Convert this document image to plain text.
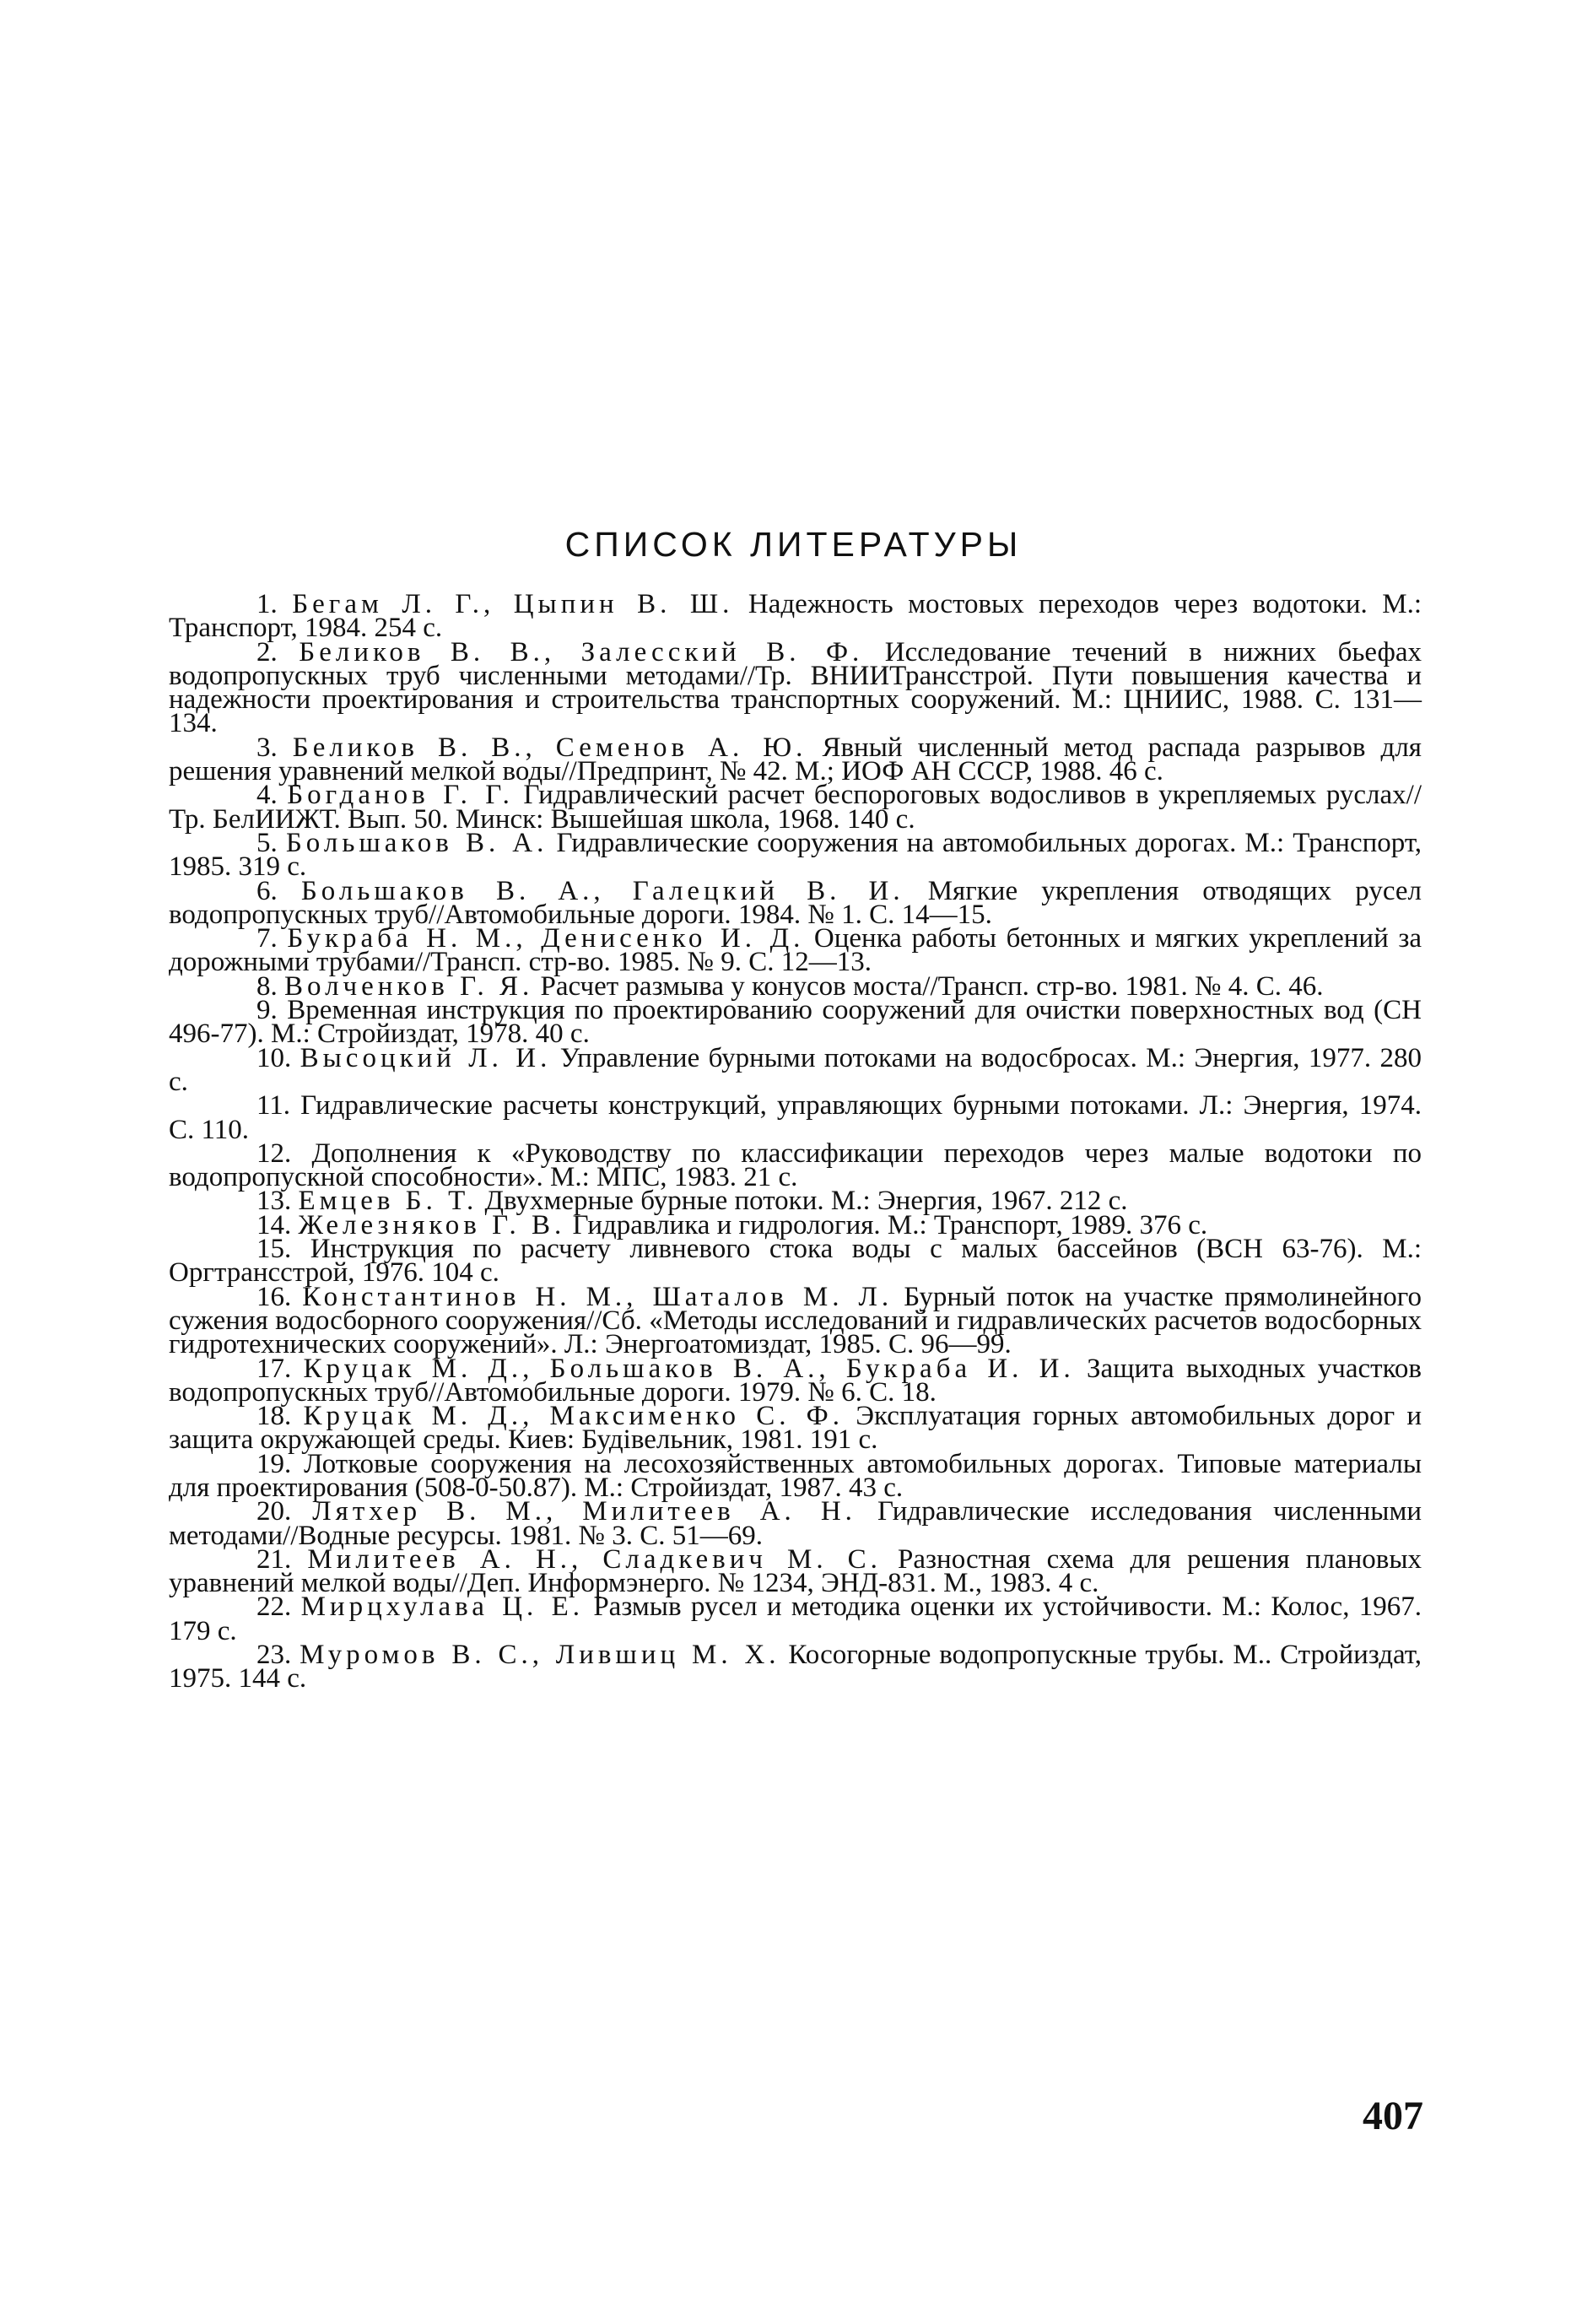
СПИСОК ЛИТЕРАТУРЫ

1. Бегам Л. Г., Цыпин В. Ш. Надежность мостовых переходов через водотоки. М.: Транспорт, 1984. 254 с.

2. Беликов В. В., Залесский В. Ф. Исследование течений в нижних бьефах водопропускных труб численными методами//Тр. ВНИИТрансстрой. Пути повышения качества и надежности проектирования и строительства транспортных сооружений. М.: ЦНИИС, 1988. С. 131—134.

3. Беликов В. В., Семенов А. Ю. Явный численный метод распада разрывов для решения уравнений мелкой воды//Предпринт, № 42. М.; ИОФ АН СССР, 1988. 46 с.

4. Богданов Г. Г. Гидравлический расчет беспороговых водосливов в укрепляемых руслах//Тр. БелИИЖТ. Вып. 50. Минск: Вышейшая школа, 1968. 140 с.

5. Большаков В. А. Гидравлические сооружения на автомобильных дорогах. М.: Транспорт, 1985. 319 с.

6. Большаков В. А., Галецкий В. И. Мягкие укрепления отводящих русел водопропускных труб//Автомобильные дороги. 1984. № 1. С. 14—15.

7. Букраба Н. М., Денисенко И. Д. Оценка работы бетонных и мягких укреплений за дорожными трубами//Трансп. стр-во. 1985. № 9. С. 12—13.

8. Волченков Г. Я. Расчет размыва у конусов моста//Трансп. стр-во. 1981. № 4. С. 46.

9. Временная инструкция по проектированию сооружений для очистки поверхностных вод (СН 496-77). М.: Стройиздат, 1978. 40 с.

10. Высоцкий Л. И. Управление бурными потоками на водосбросах. М.: Энергия, 1977. 280 с.

11. Гидравлические расчеты конструкций, управляющих бурными потоками. Л.: Энергия, 1974. С. 110.

12. Дополнения к «Руководству по классификации переходов через малые водотоки по водопропускной способности». М.: МПС, 1983. 21 с.

13. Емцев Б. Т. Двухмерные бурные потоки. М.: Энергия, 1967. 212 с.

14. Железняков Г. В. Гидравлика и гидрология. М.: Транспорт, 1989. 376 с.

15. Инструкция по расчету ливневого стока воды с малых бассейнов (ВСН 63-76). М.: Оргтрансстрой, 1976. 104 с.

16. Константинов Н. М., Шаталов М. Л. Бурный поток на участке прямолинейного сужения водосборного сооружения//Сб. «Методы исследований и гидравлических расчетов водосборных гидротехнических сооружений». Л.: Энергоатомиздат, 1985. С. 96—99.

17. Круцак М. Д., Большаков В. А., Букраба И. И. Защита выходных участков водопропускных труб//Автомобильные дороги. 1979. № 6. С. 18.

18. Круцак М. Д., Максименко С. Ф. Эксплуатация горных автомобильных дорог и защита окружающей среды. Киев: Будівельник, 1981. 191 с.

19. Лотковые сооружения на лесохозяйственных автомобильных дорогах. Типовые материалы для проектирования (508-0-50.87). М.: Стройиздат, 1987. 43 с.

20. Лятхер В. М., Милитеев А. Н. Гидравлические исследования численными методами//Водные ресурсы. 1981. № 3. С. 51—69.

21. Милитеев А. Н., Сладкевич М. С. Разностная схема для решения плановых уравнений мелкой воды//Деп. Информэнерго. № 1234, ЭНД-831. М., 1983. 4 с.

22. Мирцхулава Ц. Е. Размыв русел и методика оценки их устойчивости. М.: Колос, 1967. 179 с.

23. Муромов В. С., Лившиц М. Х. Косогорные водопропускные трубы. М.. Стройиздат, 1975. 144 с.

407
